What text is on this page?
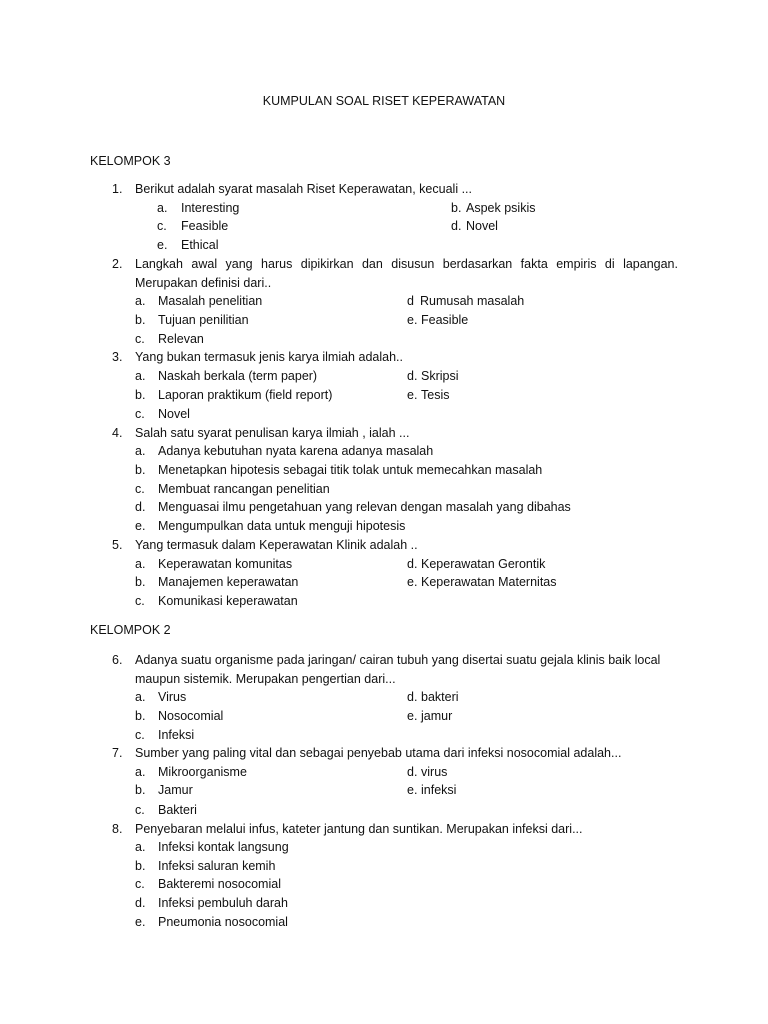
KUMPULAN SOAL RISET KEPERAWATAN
KELOMPOK 3
1.	Berikut adalah syarat masalah Riset Keperawatan, kecuali ...
a. Interesting	b. Aspek psikis
c. Feasible	d. Novel
e. Ethical
2.	Langkah awal yang harus dipikirkan dan disusun berdasarkan fakta empiris di lapangan. Merupakan definisi dari..
a. Masalah penelitian	d Rumusah masalah
b. Tujuan penilitian	e. Feasible
c. Relevan
3.	Yang bukan termasuk jenis karya ilmiah adalah..
a. Naskah berkala (term paper)	d. Skripsi
b. Laporan praktikum (field report)	e. Tesis
c. Novel
4.	Salah satu syarat penulisan karya ilmiah , ialah ...
a. Adanya kebutuhan nyata karena adanya masalah
b. Menetapkan hipotesis sebagai titik tolak untuk memecahkan masalah
c. Membuat rancangan penelitian
d. Menguasai ilmu pengetahuan yang relevan dengan masalah yang dibahas
e. Mengumpulkan data untuk menguji hipotesis
5.	Yang termasuk dalam Keperawatan Klinik adalah ..
a. Keperawatan komunitas	d. Keperawatan Gerontik
b. Manajemen keperawatan	e. Keperawatan Maternitas
c. Komunikasi keperawatan
KELOMPOK 2
6.	Adanya suatu organisme pada jaringan/ cairan tubuh yang disertai suatu gejala klinis baik local maupun sistemik. Merupakan pengertian dari...
a. Virus	d. bakteri
b. Nosocomial	e. jamur
c. Infeksi
7.	Sumber yang paling vital dan sebagai penyebab utama dari infeksi nosocomial adalah...
a. Mikroorganisme	d. virus
b. Jamur	e. infeksi
c. Bakteri
8.	Penyebaran melalui infus, kateter jantung dan suntikan. Merupakan infeksi dari...
a. Infeksi kontak langsung
b. Infeksi saluran kemih
c. Bakteremi nosocomial
d. Infeksi pembuluh darah
e. Pneumonia nosocomial
